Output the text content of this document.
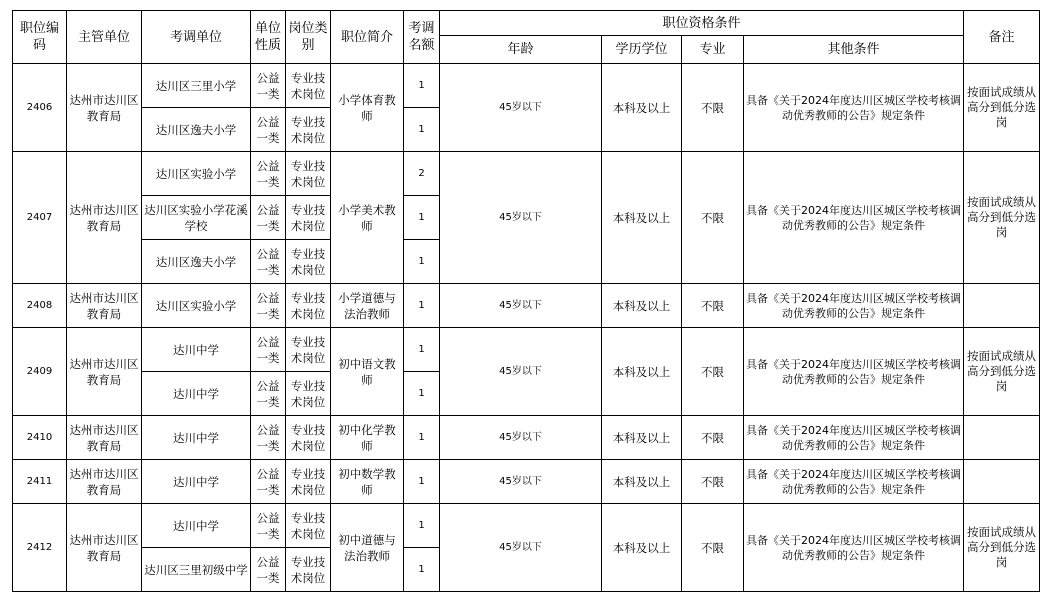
职位编码	主管单位	考调单位	单位性质	岗位类别	职位简介	考调名额	职位资格条件				备注
							年龄	学历学位	专业	其他条件	
2406	达州市达川区教育局	达川区三里小学	公益一类	专业技术岗位	小学体育教师	1	45岁以下	本科及以上	不限	具备《关于2024年度达川区城区学校考核调动优秀教师的公告》规定条件	按面试成绩从高分到低分选岗
		达川区逸夫小学	公益一类	专业技术岗位		1					
2407	达州市达川区教育局	达川区实验小学	公益一类	专业技术岗位	小学美术教师	2	45岁以下	本科及以上	不限	具备《关于2024年度达川区城区学校考核调动优秀教师的公告》规定条件	按面试成绩从高分到低分选岗
		达川区实验小学花溪学校	公益一类	专业技术岗位		1					
		达川区逸夫小学	公益一类	专业技术岗位		1					
2408	达州市达川区教育局	达川区实验小学	公益一类	专业技术岗位	小学道德与法治教师	1	45岁以下	本科及以上	不限	具备《关于2024年度达川区城区学校考核调动优秀教师的公告》规定条件	
2409	达州市达川区教育局	达川中学	公益一类	专业技术岗位	初中语文教师	1	45岁以下	本科及以上	不限	具备《关于2024年度达川区城区学校考核调动优秀教师的公告》规定条件	按面试成绩从高分到低分选岗
		达川中学	公益一类	专业技术岗位		1					
2410	达州市达川区教育局	达川中学	公益一类	专业技术岗位	初中化学教师	1	45岁以下	本科及以上	不限	具备《关于2024年度达川区城区学校考核调动优秀教师的公告》规定条件	
2411	达州市达川区教育局	达川中学	公益一类	专业技术岗位	初中数学教师	1	45岁以下	本科及以上	不限	具备《关于2024年度达川区城区学校考核调动优秀教师的公告》规定条件	
2412	达州市达川区教育局	达川中学	公益一类	专业技术岗位	初中道德与法治教师	1	45岁以下	本科及以上	不限	具备《关于2024年度达川区城区学校考核调动优秀教师的公告》规定条件	按面试成绩从高分到低分选岗
		达川区三里初级中学	公益一类	专业技术岗位		1					
